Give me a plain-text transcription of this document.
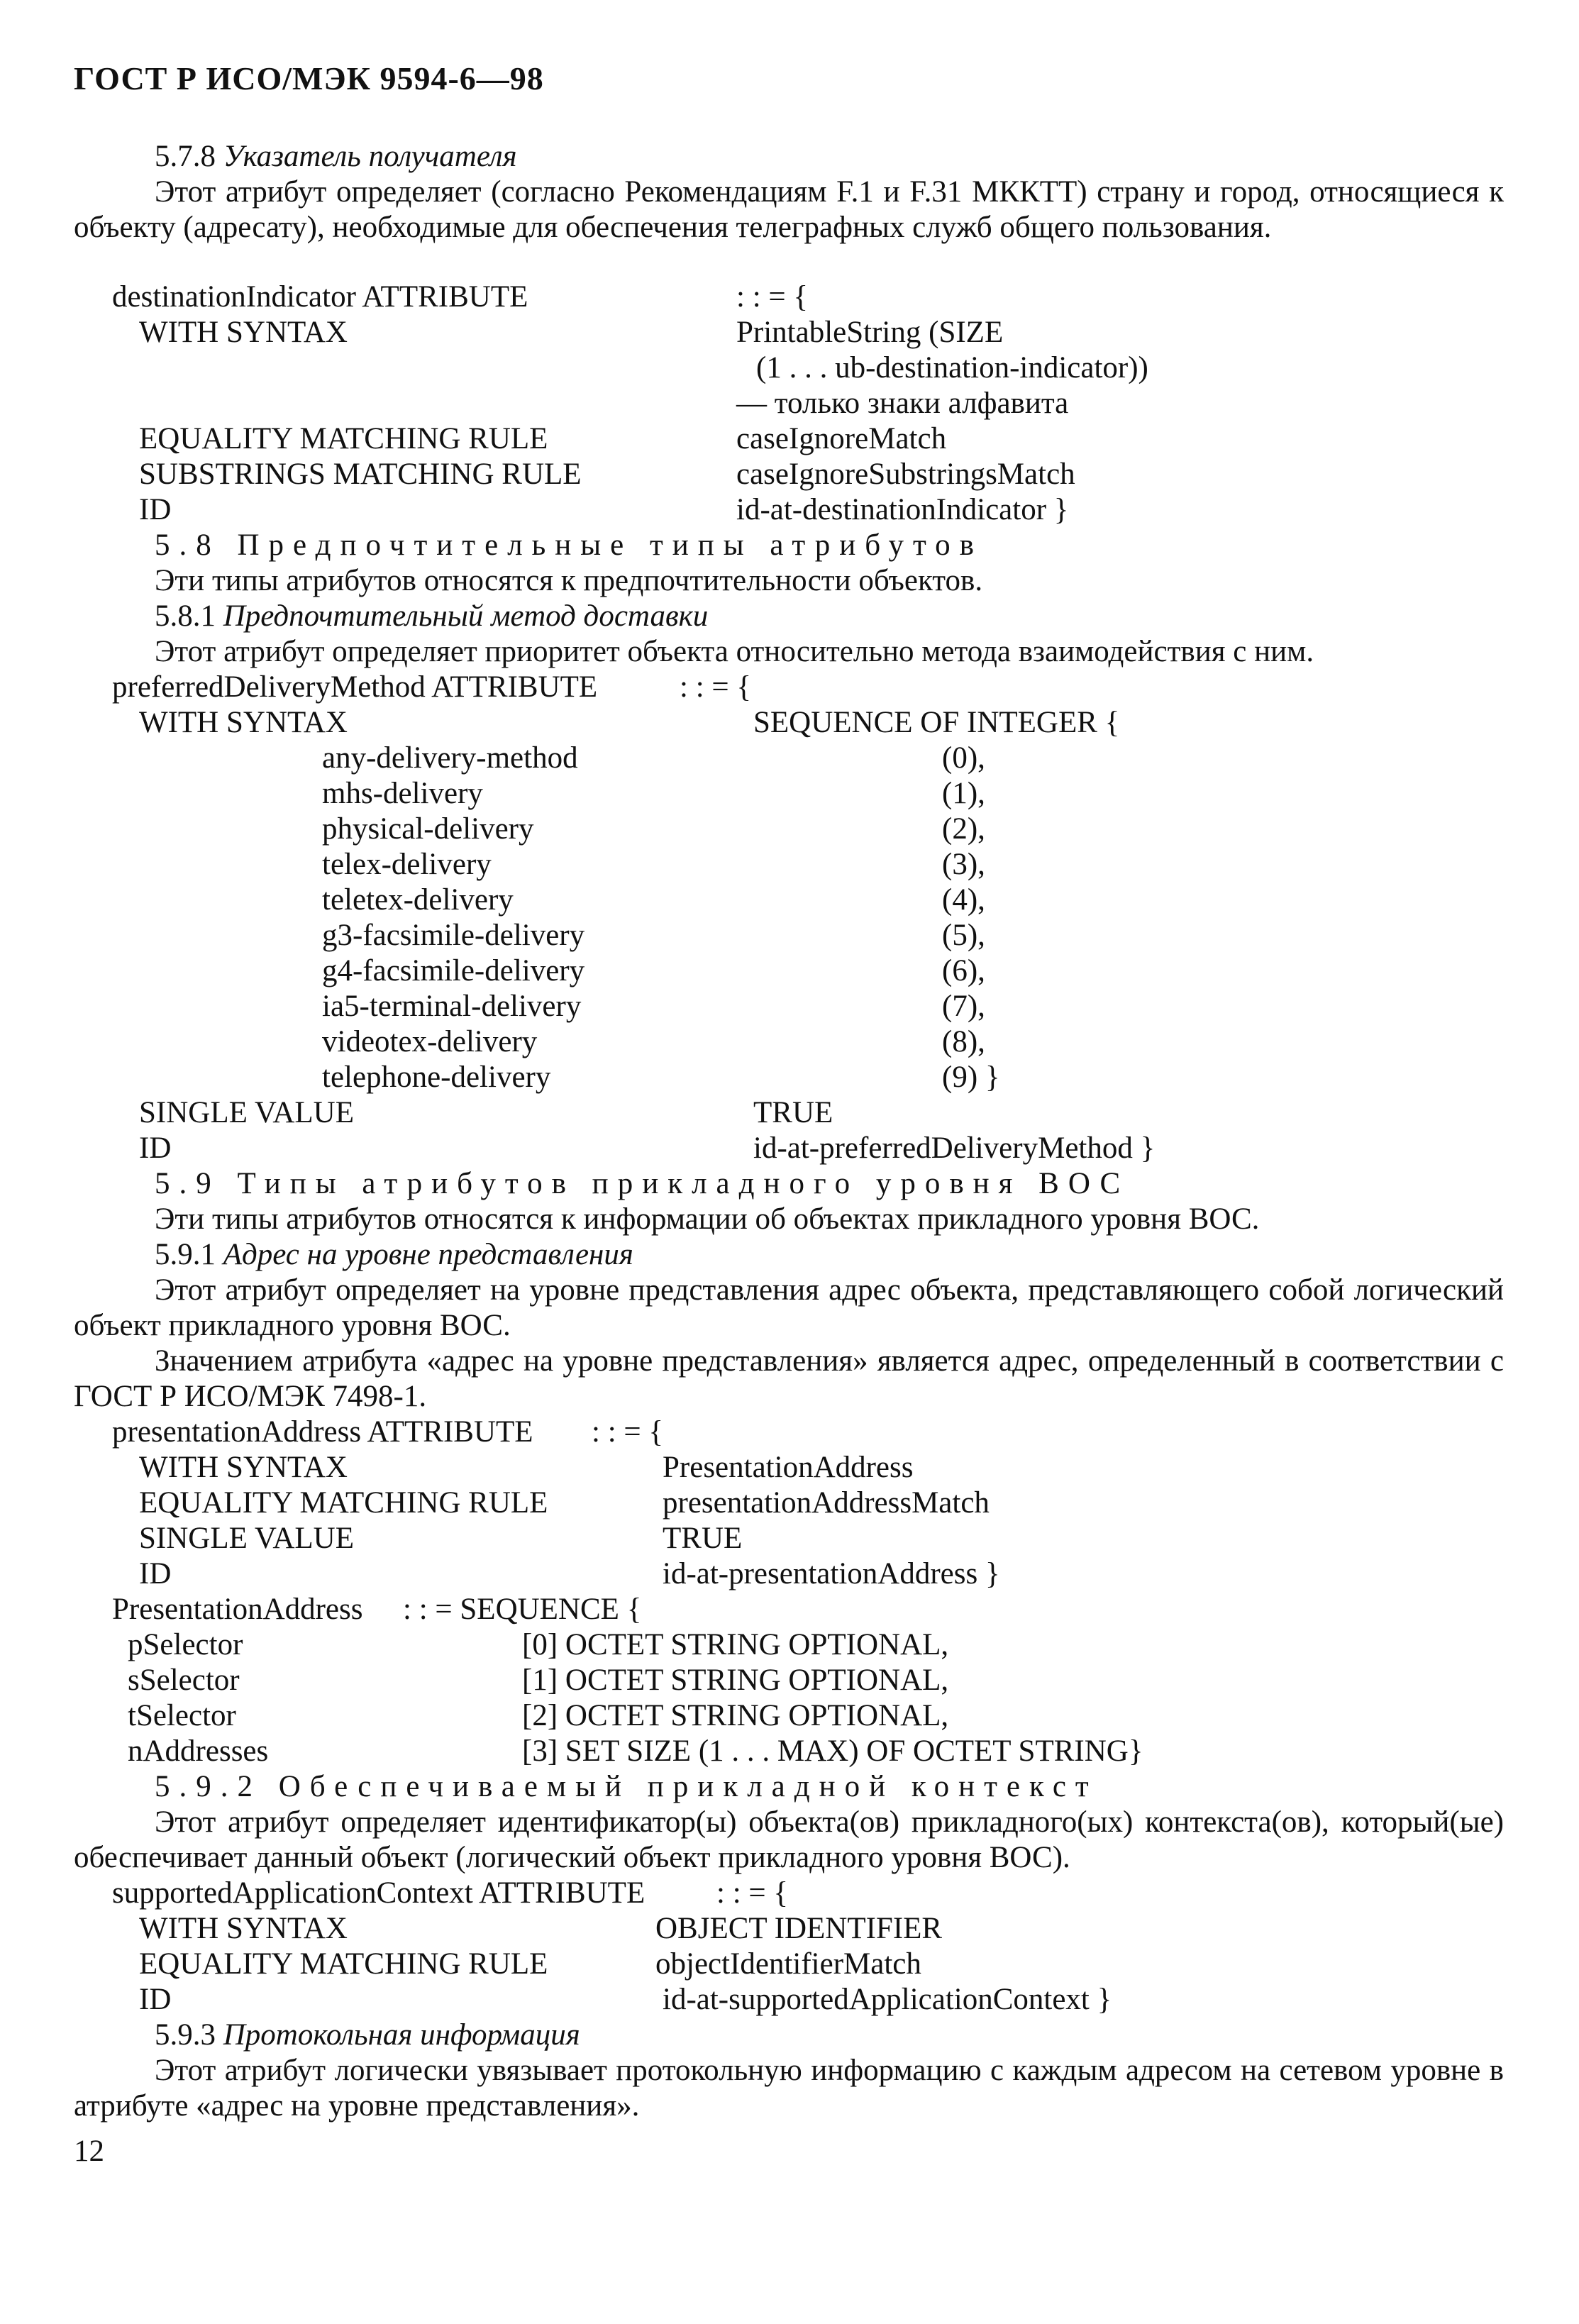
ГОСТ Р ИСО/МЭК 9594-6—98
5.7.8 Указатель получателя
Этот атрибут определяет (согласно Рекомендациям F.1 и F.31 МККТТ) страну и город, относящиеся к объекту (адресату), необходимые для обеспечения телеграфных служб общего пользования.
destinationIndicator ATTRIBUTE	: : = {
WITH SYNTAX	PrintableString (SIZE
(1 . . . ub-destination-indicator))
— только знаки алфавита
EQUALITY MATCHING RULE	caseIgnoreMatch
SUBSTRINGS MATCHING RULE	caseIgnoreSubstringsMatch
ID	id-at-destinationIndicator }
5.8 Предпочтительные типы атрибутов
Эти типы атрибутов относятся к предпочтительности объектов.
5.8.1 Предпочтительный метод доставки
Этот атрибут определяет приоритет объекта относительно метода взаимодействия с ним.
preferredDeliveryMethod ATTRIBUTE	: : = {
WITH SYNTAX	SEQUENCE OF INTEGER {
any-delivery-method	(0),
mhs-delivery	(1),
physical-delivery	(2),
telex-delivery	(3),
teletex-delivery	(4),
g3-facsimile-delivery	(5),
g4-facsimile-delivery	(6),
ia5-terminal-delivery	(7),
videotex-delivery	(8),
telephone-delivery	(9) }
SINGLE VALUE	TRUE
ID	id-at-preferredDeliveryMethod }
5.9 Типы атрибутов прикладного уровня ВОС
Эти типы атрибутов относятся к информации об объектах прикладного уровня ВОС.
5.9.1 Адрес на уровне представления
Этот атрибут определяет на уровне представления адрес объекта, представляющего собой логический объект прикладного уровня ВОС.
Значением атрибута «адрес на уровне представления» является адрес, определенный в соответствии с ГОСТ Р ИСО/МЭК 7498-1.
presentationAddress ATTRIBUTE : : = {
WITH SYNTAX	PresentationAddress
EQUALITY MATCHING RULE	presentationAddressMatch
SINGLE VALUE	TRUE
ID	id-at-presentationAddress }
PresentationAddress : : = SEQUENCE {
pSelector	[0] OCTET STRING OPTIONAL,
sSelector	[1] OCTET STRING OPTIONAL,
tSelector	[2] OCTET STRING OPTIONAL,
nAddresses	[3] SET SIZE (1 . . . MAX) OF OCTET STRING}
5.9.2 Обеспечиваемый прикладной контекст
Этот атрибут определяет идентификатор(ы) объекта(ов) прикладного(ых) контекста(ов), который(ые) обеспечивает данный объект (логический объект прикладного уровня ВОС).
supportedApplicationContext ATTRIBUTE : : = {
WITH SYNTAX	OBJECT IDENTIFIER
EQUALITY MATCHING RULE	objectIdentifierMatch
ID	id-at-supportedApplicationContext }
5.9.3 Протокольная информация
Этот атрибут логически увязывает протокольную информацию с каждым адресом на сетевом уровне в атрибуте «адрес на уровне представления».
12
